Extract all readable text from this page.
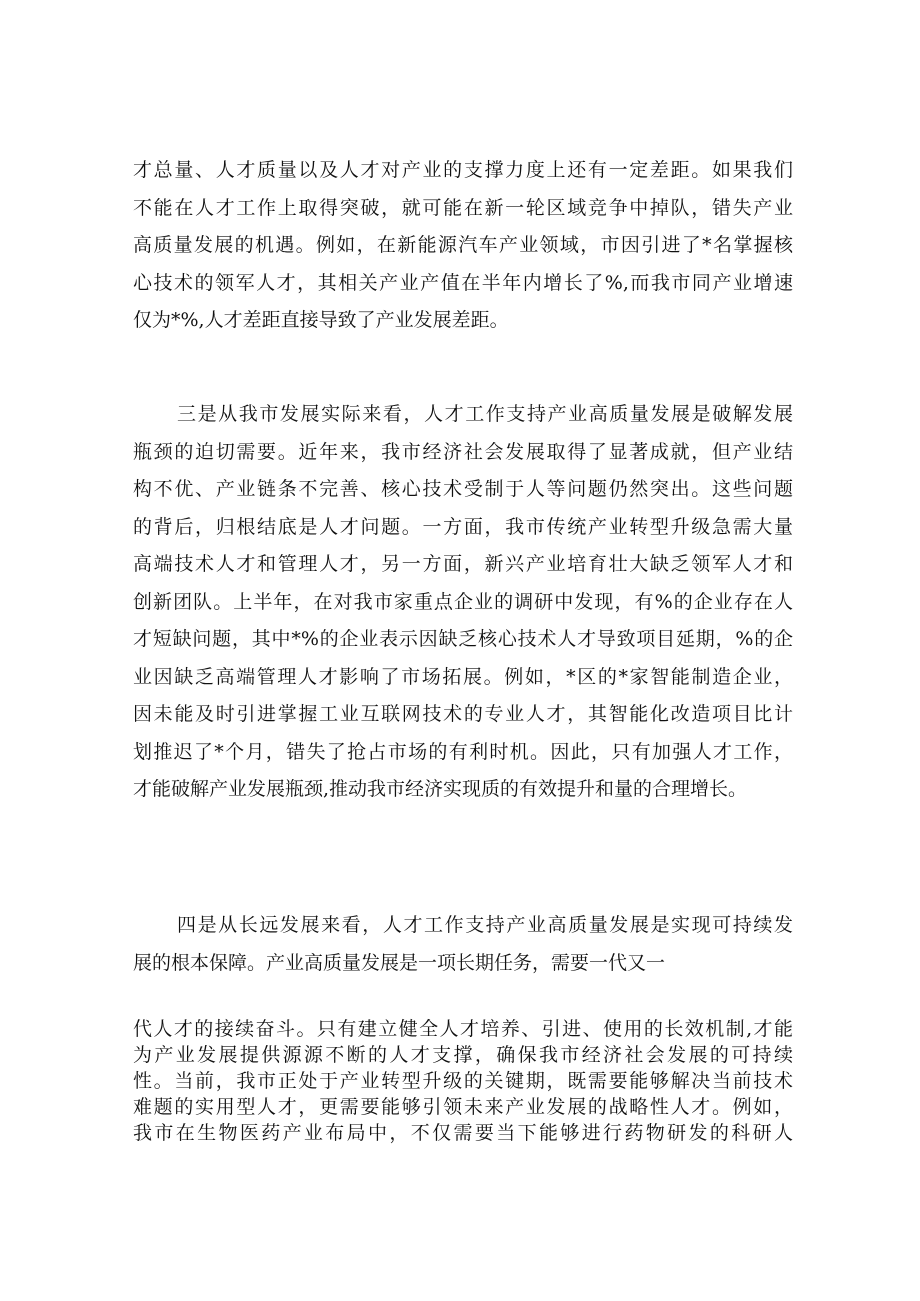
才总量、人才质量以及人才对产业的支撑力度上还有一定差距。如果我们
不能在人才工作上取得突破，就可能在新一轮区域竞争中掉队，错失产业
高质量发展的机遇。例如，在新能源汽车产业领域，市因引进了*名掌握核
心技术的领军人才，其相关产业产值在半年内增长了%,而我市同产业增速
仅为*%,人才差距直接导致了产业发展差距。
三是从我市发展实际来看，人才工作支持产业高质量发展是破解发展
瓶颈的迫切需要。近年来，我市经济社会发展取得了显著成就，但产业结
构不优、产业链条不完善、核心技术受制于人等问题仍然突出。这些问题
的背后，归根结底是人才问题。一方面，我市传统产业转型升级急需大量
高端技术人才和管理人才，另一方面，新兴产业培育壮大缺乏领军人才和
创新团队。上半年，在对我市家重点企业的调研中发现，有%的企业存在人
才短缺问题，其中*%的企业表示因缺乏核心技术人才导致项目延期，%的企
业因缺乏高端管理人才影响了市场拓展。例如，*区的*家智能制造企业，
因未能及时引进掌握工业互联网技术的专业人才，其智能化改造项目比计
划推迟了*个月，错失了抢占市场的有利时机。因此，只有加强人才工作，
才能破解产业发展瓶颈,推动我市经济实现质的有效提升和量的合理增长。
四是从长远发展来看，人才工作支持产业高质量发展是实现可持续发
展的根本保障。产业高质量发展是一项长期任务，需要一代又一
代人才的接续奋斗。只有建立健全人才培养、引进、使用的长效机制,才能
为产业发展提供源源不断的人才支撑，确保我市经济社会发展的可持续
性。当前，我市正处于产业转型升级的关键期，既需要能够解决当前技术
难题的实用型人才，更需要能够引领未来产业发展的战略性人才。例如，
我市在生物医药产业布局中，不仅需要当下能够进行药物研发的科研人
